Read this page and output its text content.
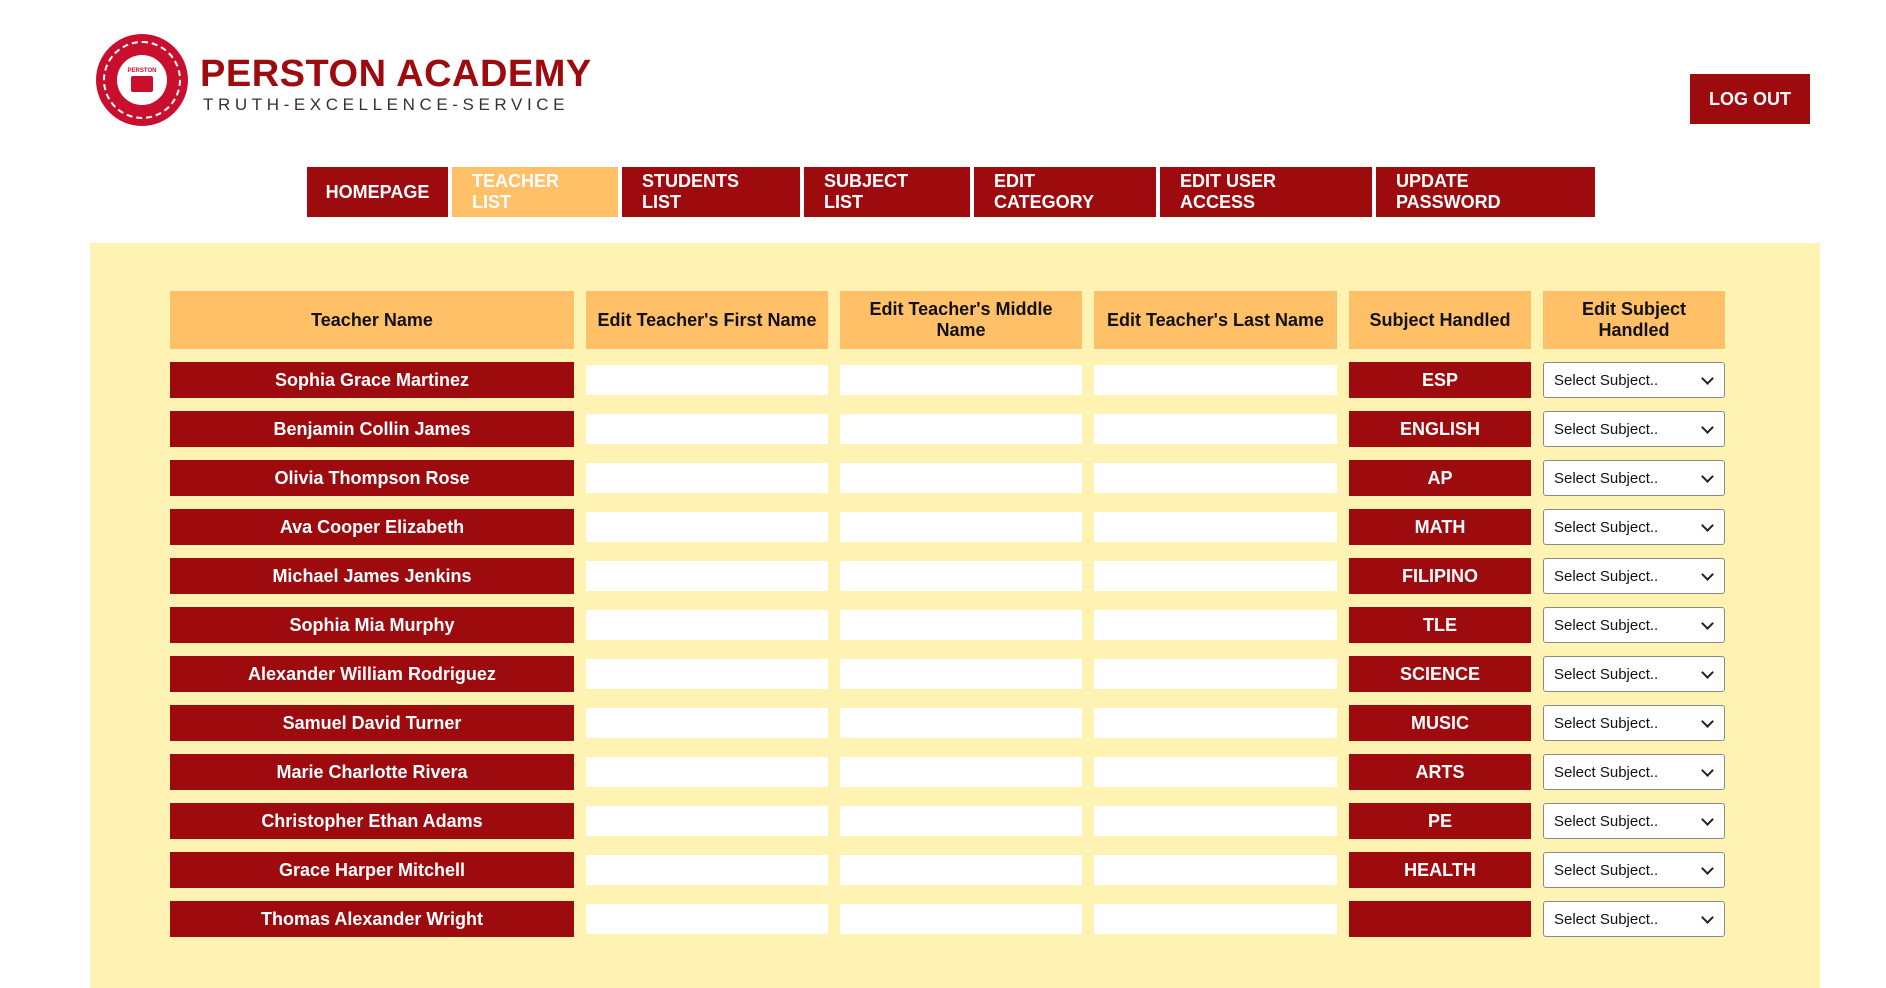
PERSTON PERSTON ACADEMY
TRUTH-EXCELLENCE-SERVICE	LOG OUT
HOMEPAGE
TEACHER LIST
STUDENTS LIST
SUBJECT LIST
EDIT CATEGORY
EDIT USER ACCESS
UPDATE PASSWORD
Teacher Name	Edit Teacher's First Name	Edit Teacher's Middle Name	Edit Teacher's Last Name	Subject Handled	Edit Subject Handled
Sophia Grace Martinez				ESP	Select Subject..

Benjamin Collin James				ENGLISH	Select Subject..

Olivia Thompson Rose				AP	Select Subject..

Ava Cooper Elizabeth				MATH	Select Subject..

Michael James Jenkins				FILIPINO	Select Subject..

Sophia Mia Murphy				TLE	Select Subject..

Alexander William Rodriguez				SCIENCE	Select Subject..

Samuel David Turner				MUSIC	Select Subject..

Marie Charlotte Rivera				ARTS	Select Subject..

Christopher Ethan Adams				PE	Select Subject..

Grace Harper Mitchell				HEALTH	Select Subject..

Thomas Alexander Wright					Select Subject..
